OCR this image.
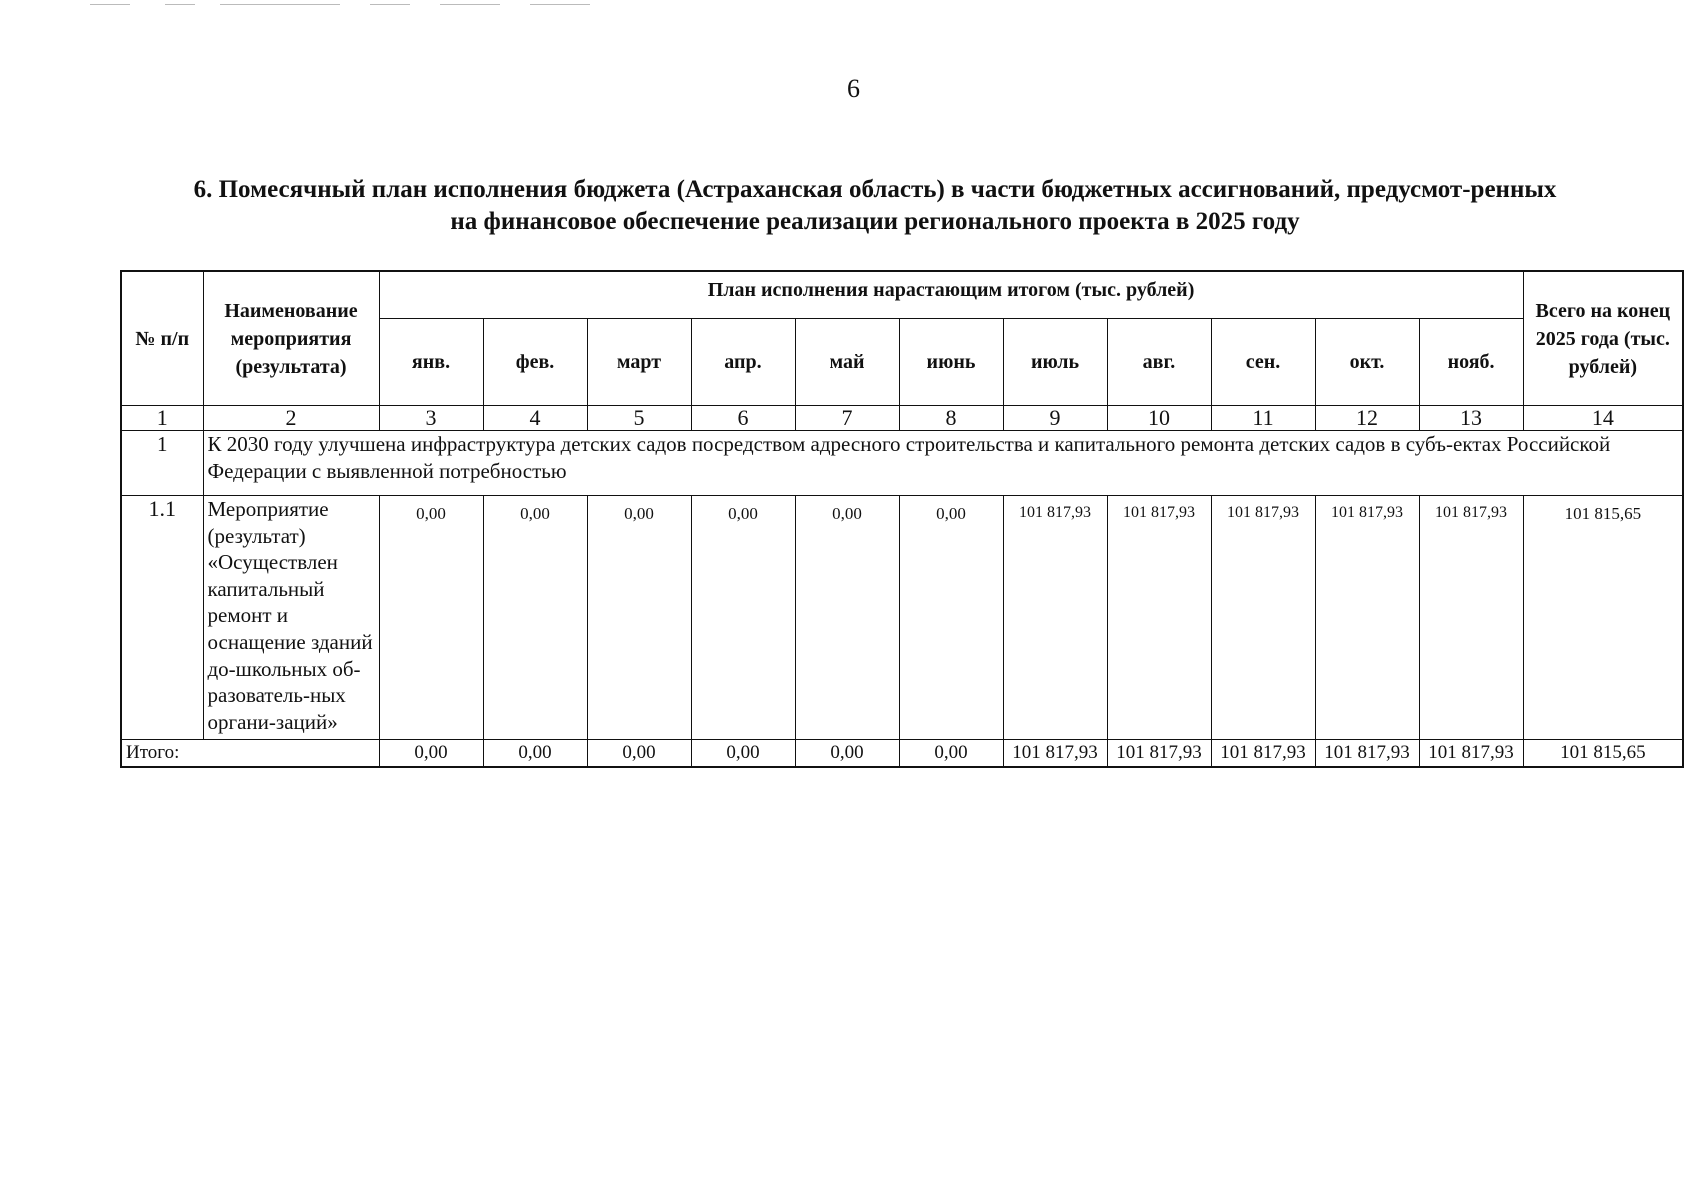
6
6. Помесячный план исполнения бюджета (Астраханская область) в части бюджетных ассигнований, предусмот-ренных на финансовое обеспечение реализации регионального проекта в 2025 году
№ п/п	Наименование мероприятия (результата)	План исполнения нарастающим итогом (тыс. рублей)											Всего на конец 2025 года (тыс. рублей)
		янв.	фев.	март	апр.	май	июнь	июль	авг.	сен.	окт.	нояб.	
1	2	3	4	5	6	7	8	9	10	11	12	13	14
1	К 2030 году улучшена инфраструктура детских садов посредством адресного строительства и капитального ремонта детских садов в субъ-ектах Российской Федерации с выявленной потребностью												
1.1	Мероприятие (результат) «Осуществлен капитальный ремонт и оснащение зданий до-школьных об-разователь-ных органи-заций»	0,00	0,00	0,00	0,00	0,00	0,00	101 817,93	101 817,93	101 817,93	101 817,93	101 817,93	101 815,65
Итого:		0,00	0,00	0,00	0,00	0,00	0,00	101 817,93	101 817,93	101 817,93	101 817,93	101 817,93	101 815,65
